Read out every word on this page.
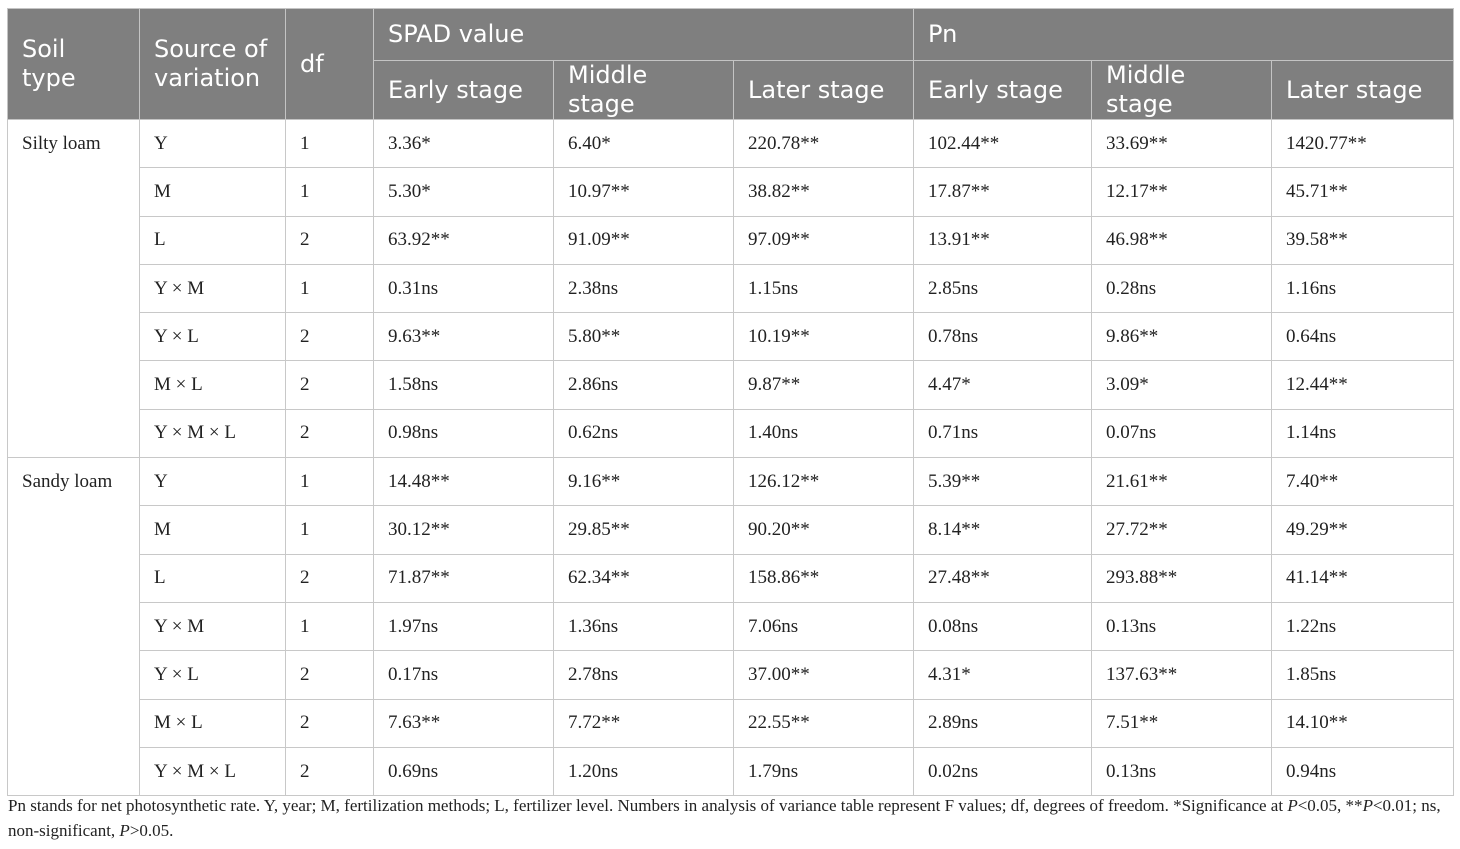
Soil type	Source of variation	df	SPAD value			Pn		
			Early stage	Middle stage	Later stage	Early stage	Middle stage	Later stage
Silty loam	Y	1	3.36*	6.40*	220.78**	102.44**	33.69**	1420.77**
	M	1	5.30*	10.97**	38.82**	17.87**	12.17**	45.71**
	L	2	63.92**	91.09**	97.09**	13.91**	46.98**	39.58**
	Y × M	1	0.31ns	2.38ns	1.15ns	2.85ns	0.28ns	1.16ns
	Y × L	2	9.63**	5.80**	10.19**	0.78ns	9.86**	0.64ns
	M × L	2	1.58ns	2.86ns	9.87**	4.47*	3.09*	12.44**
	Y × M × L	2	0.98ns	0.62ns	1.40ns	0.71ns	0.07ns	1.14ns
Sandy loam	Y	1	14.48**	9.16**	126.12**	5.39**	21.61**	7.40**
	M	1	30.12**	29.85**	90.20**	8.14**	27.72**	49.29**
	L	2	71.87**	62.34**	158.86**	27.48**	293.88**	41.14**
	Y × M	1	1.97ns	1.36ns	7.06ns	0.08ns	0.13ns	1.22ns
	Y × L	2	0.17ns	2.78ns	37.00**	4.31*	137.63**	1.85ns
	M × L	2	7.63**	7.72**	22.55**	2.89ns	7.51**	14.10**
	Y × M × L	2	0.69ns	1.20ns	1.79ns	0.02ns	0.13ns	0.94ns
Pn stands for net photosynthetic rate. Y, year; M, fertilization methods; L, fertilizer level. Numbers in analysis of variance table represent F values; df, degrees of freedom. *Significance at P<0.05, **P<0.01; ns, non-significant, P>0.05.
